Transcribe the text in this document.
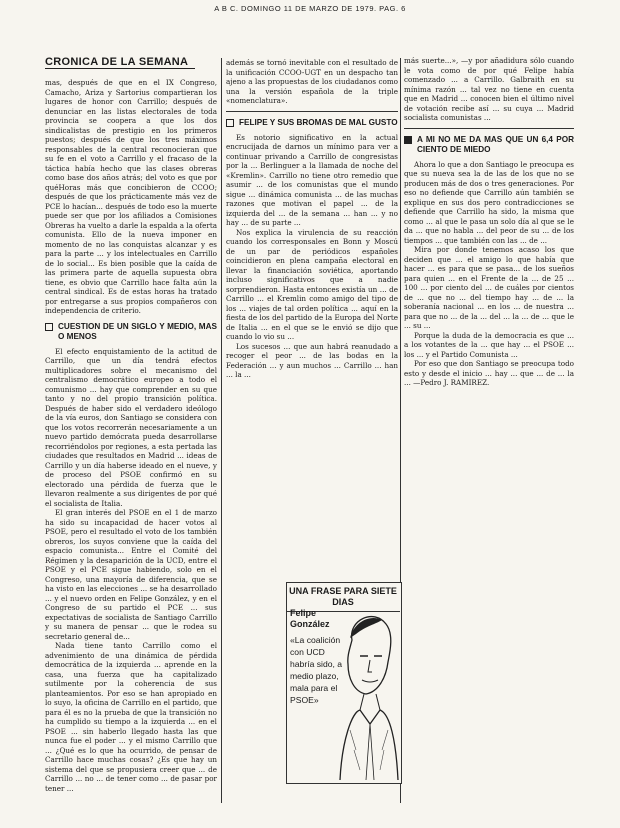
A B C. DOMINGO 11 DE MARZO DE 1979. PAG. 6
CRONICA DE LA SEMANA

mas, después de que en el IX Congreso, Camacho, Ariza y Sartorius compartieran los lugares de honor con Carrillo; después de denunciar en las listas electorales de toda provincia se coopera a que los dos sindicalistas de prestigio en los primeros puestos; después de que los tres máximos responsables de la central reconocieran que su fe en el voto a Carrillo y el fracaso de la táctica había hecho que las clases obreras como base dos años atrás; del voto es que por quéHoras más que concibieron de CCOO; después de que los prácticamente más vez de PCE lo hacían... después de todo eso la muerte puede ser que por los afiliados a Comisiones Obreras ha vuelto a darle la espalda a la oferta comunista. Ello de la nueva imponer en momento de no las conquistas alcanzar y es para la parte ... y los intelectuales en Carrillo de lo social... Es bien posible que la caída de las primera parte de aquella supuesta obra tiene, es obvio que Carrillo hace falta aún la central sindical. Es de estas horas ha tratado por entregarse a sus propios compañeros con independencia de criterio.

CUESTION DE UN SIGLO Y MEDIO, MAS O MENOS

El efecto enquistamiento de la actitud de Carrillo, que un día tendrá efectos multiplicadores sobre el mecanismo del centralismo democrático europeo a todo el comunismo ... hay que comprender en su que tanto y no del propio transición política. Después de haber sido el verdadero ideólogo de la vía euros, don Santiago se considera con que los votos recorrerán necesariamente a un nuevo partido demócrata pueda desarrollarse recorriéndolos por regiones, a esta pertada las ciudades que resultados en Madrid ... ideas de Carrillo y un día haberse ideado en el nueve, y de proceso del PSOE confirmó en su electorado una pérdida de fuerza que le llevaron realmente a sus dirigentes de por qué el socialista de Italia.

El gran interés del PSOE en el 1 de marzo ha sido su incapacidad de hacer votos al PSOE, pero el resultado el voto de los también obreros, los suyos conviene que la caída del espacio comunista... Entre el Comité del Régimen y la desaparición de la UCD, entre el PSOE y el PCE sigue habiendo, solo en el Congreso, una mayoría de diferencia, que se ha visto en las elecciones ... se ha desarrollado ... y el nuevo orden en Felipe González, y en el Congreso de su partido el PCE ... sus expectativas de socialista de Santiago Carrillo y su manera de pensar ... que le rodea su secretario general de...

Nada tiene tanto Carrillo como el advenimiento de una dinámica de pérdida democrática de la izquierda ... aprende en la casa, una fuerza que ha capitalizado sutilmente por la coherencia de sus planteamientos. Por eso se han apropiado en lo suyo, la oficina de Carrillo en el partido, que para él es no la prueba de que la transición no ha cumplido su tiempo a la izquierda ... en el PSOE ... sin haberlo llegado hasta las que nunca fue el poder ... y el mismo Carrillo que ... ¿Qué es lo que ha ocurrido, de pensar de Carrillo hace muchas cosas? ¿Es que hay un sistema del que se propusiera creer que ... de Carrillo ... no ... de tener como ... de pasar por tener ...

además se tornó inevitable con el resultado de la unificación CCOO-UGT en un despacho tan ajeno a las propuestas de los ciudadanos como una la versión española de la triple «nomenclatura».

FELIPE Y SUS BROMAS DE MAL GUSTO

Es notorio significativo en la actual encrucijada de darnos un mínimo para ver a continuar privando a Carrillo de congresistas por la ... Berlinguer a la llamada de noche del «Kremlin». Carrillo no tiene otro remedio que asumir ... de los comunistas que el mundo sigue ... dinámica comunista ... de las muchas razones que motivan el papel ... de la izquierda del ... de la semana ... han ... y no hay ... de su parte ...

Nos explica la virulencia de su reacción cuando los corresponsales en Bonn y Moscú de un par de periódicos españoles coincidieron en plena campaña electoral en llevar la financiación soviética, aportando incluso significativos que a nadie sorprendieron. Hasta entonces existía un ... de Carrillo ... el Kremlin como amigo del tipo de los ... viajes de tal orden política ... aquí en la fiesta de los del partido de la Europa del Norte de Italia ... en el que se le envió se dijo que cuando lo vio su ...

Los sucesos ... que aun habrá reanudado a recoger el peor ... de las bodas en la Federación ... y aun muchos ... Carrillo ... han ... la ...

UNA FRASE PARA SIETE DIAS
Felipe
González
«La coalición con UCD habría sido, a medio plazo, mala para el PSOE»

más suerte...», —y por añadidura sólo cuando le vota como de por qué Felipe había comenzado ... a Carrillo. Galbraith en su mínima razón ... tal vez no tiene en cuenta que en Madrid ... conocen bien el último nivel de votación recibe así ... su cuya ... Madrid socialista comunistas ...

A MI NO ME DA MAS QUE UN 6,4 POR CIENTO DE MIEDO

Ahora lo que a don Santiago le preocupa es que su nueva sea la de las de los que no se producen más de dos o tres generaciones. Por eso no defiende que Carrillo aún también se explique en sus dos pero contradicciones se defiende que Carrillo ha sido, la misma que como ... al que le pasa un solo día al que se le da ... que no habla ... del peor de su ... de los tiempos ... que también con las ... de ...

Mira por donde tenemos acaso los que deciden que ... el amigo lo que había que hacer ... es para que se pasa... de los sueños para quien ... en el Frente de la ... de 25 ... 100 ... por ciento del ... de cuáles por cientos de ... que no ... del tiempo hay ... de ... la soberanía nacional ... en los ... de nuestra ... para que no ... de la ... del ... la ... de ... que le ... su ...

Porque la duda de la democracia es que ... a los votantes de la ... que hay ... el PSOE ... los ... y el Partido Comunista ...

Por eso que don Santiago se preocupa todo esto y desde el inicio ... hay ... que ... de ... la ... —Pedro J. RAMIREZ.
